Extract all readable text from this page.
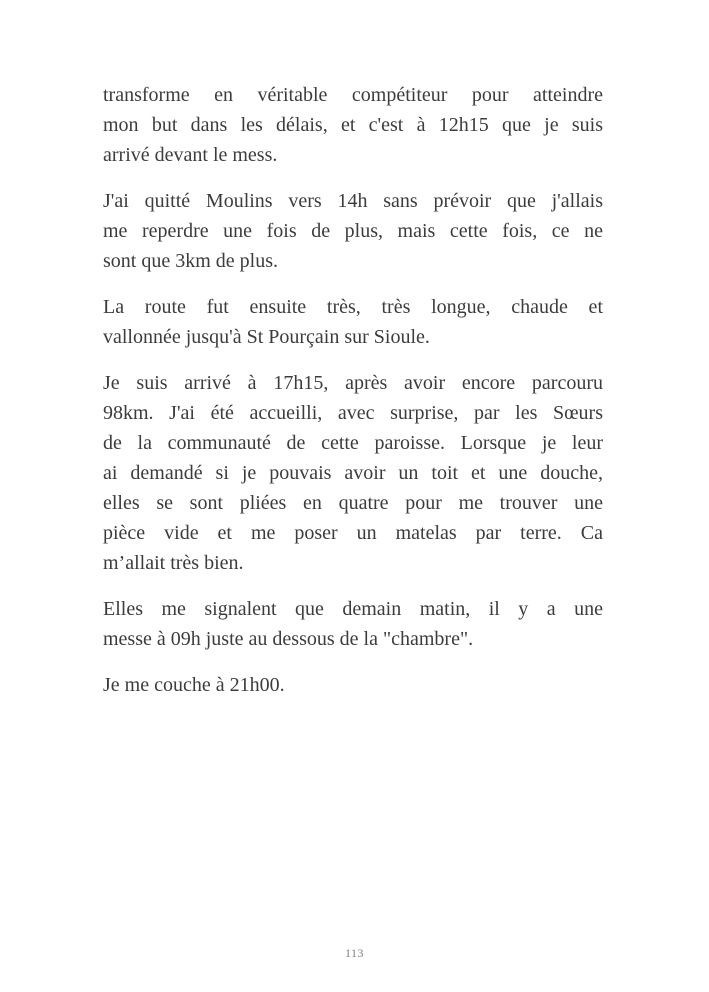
transforme en véritable compétiteur pour atteindre
mon but dans les délais, et c'est à 12h15 que je suis
arrivé devant le mess.

J'ai quitté Moulins vers 14h sans prévoir que j'allais
me reperdre une fois de plus, mais cette fois, ce ne
sont que 3km de plus.

La route fut ensuite très, très longue, chaude et
vallonnée jusqu'à St Pourçain sur Sioule.

Je suis arrivé à 17h15, après avoir encore parcouru
98km. J'ai été accueilli, avec surprise, par les Sœurs
de la communauté de cette paroisse. Lorsque je leur
ai demandé si je pouvais avoir un toit et une douche,
elles se sont pliées en quatre pour me trouver une
pièce vide et me poser un matelas par terre. Ca
m’allait très bien.

Elles me signalent que demain matin, il y a une
messe à 09h juste au dessous de la "chambre".

Je me couche à 21h00.

113
